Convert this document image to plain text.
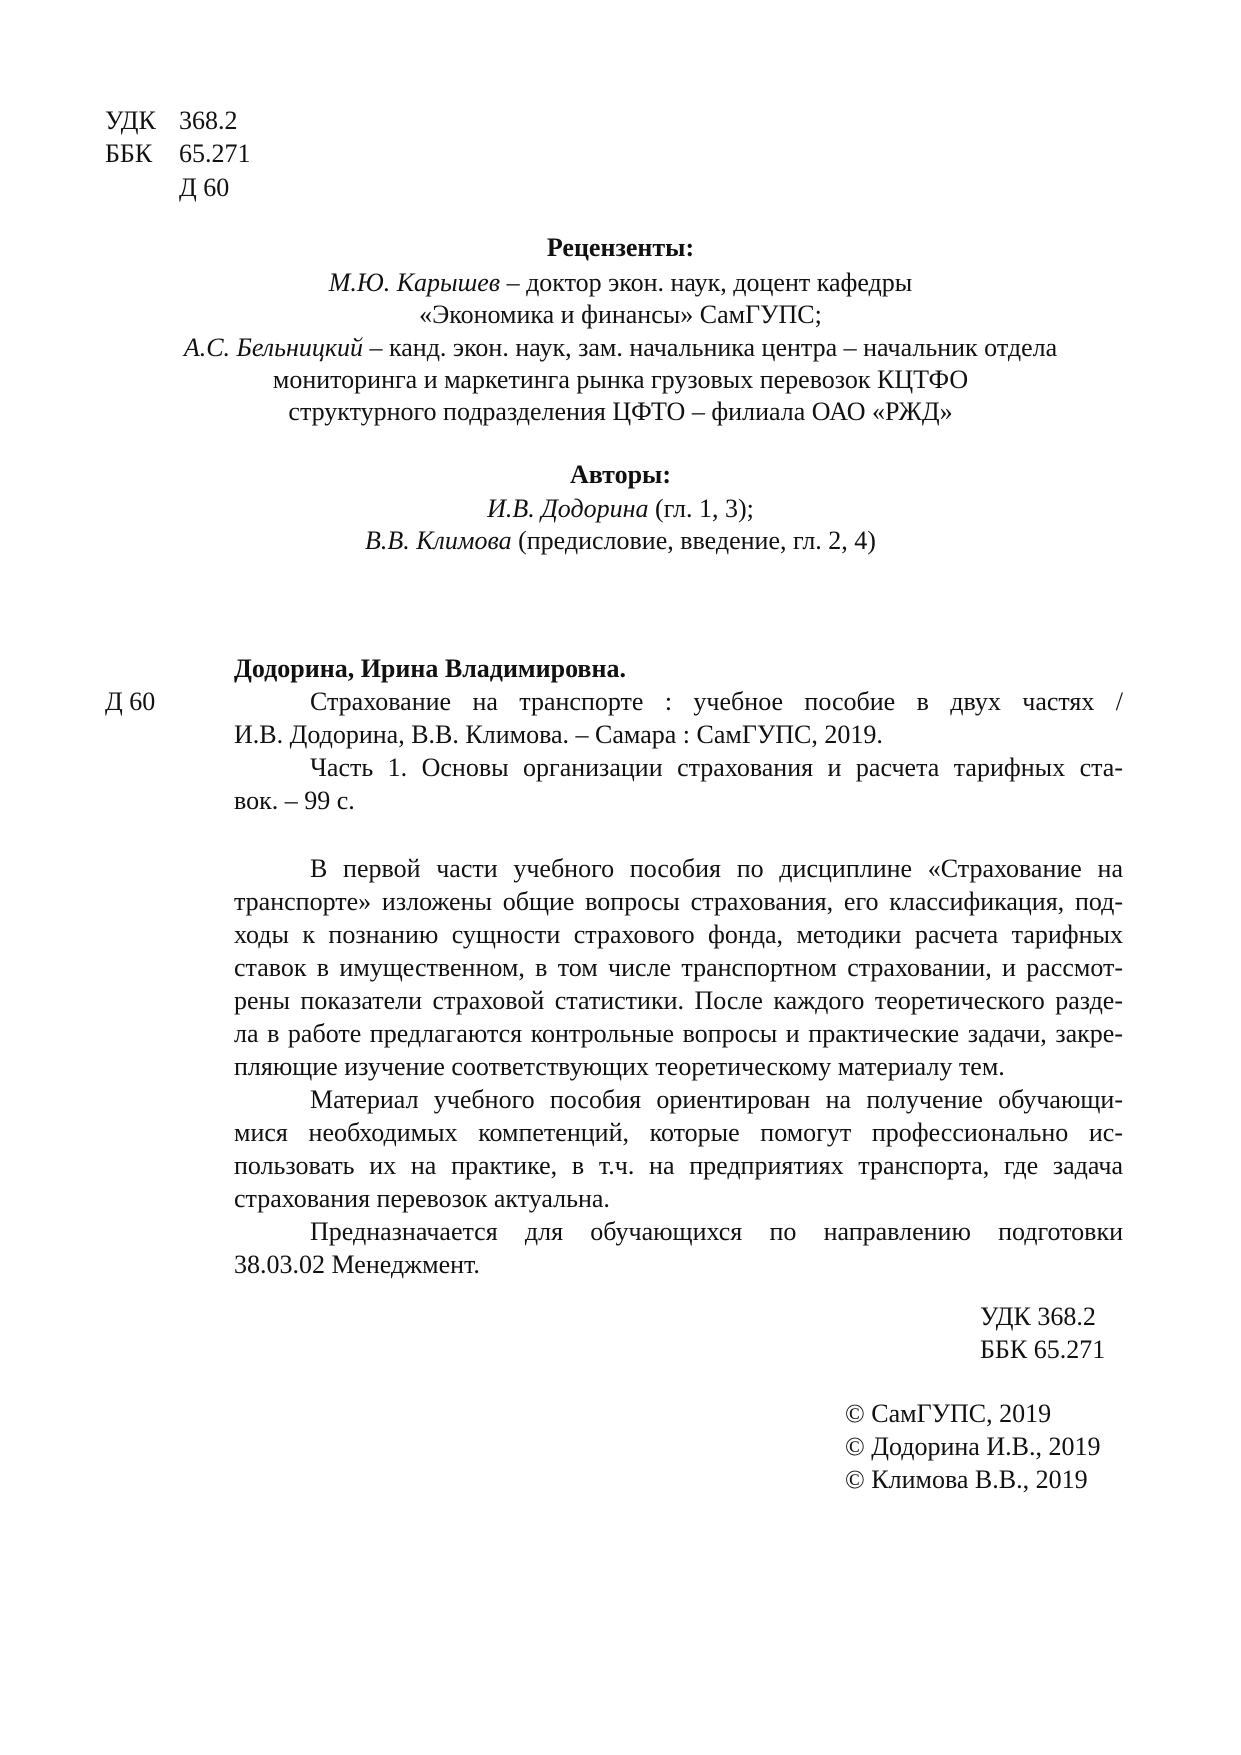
УДК 368.2
ББК 65.271
Д 60
Рецензенты:
М.Ю. Карышев – доктор экон. наук, доцент кафедры
«Экономика и финансы» СамГУПС;
А.С. Бельницкий – канд. экон. наук, зам. начальника центра – начальник отдела
мониторинга и маркетинга рынка грузовых перевозок КЦТФО
структурного подразделения ЦФТО – филиала ОАО «РЖД»
Авторы:
И.В. Додорина (гл. 1, 3);
В.В. Климова (предисловие, введение, гл. 2, 4)
Додорина, Ирина Владимировна.
Д 60	Страхование на транспорте : учебное пособие в двух частях /
И.В. Додорина, В.В. Климова. – Самара : СамГУПС, 2019.
Часть 1. Основы организации страхования и расчета тарифных ста-
вок. – 99 с.
В первой части учебного пособия по дисциплине «Страхование на
транспорте» изложены общие вопросы страхования, его классификация, под-
ходы к познанию сущности страхового фонда, методики расчета тарифных
ставок в имущественном, в том числе транспортном страховании, и рассмот-
рены показатели страховой статистики. После каждого теоретического разде-
ла в работе предлагаются контрольные вопросы и практические задачи, закре-
пляющие изучение соответствующих теоретическому материалу тем.
Материал учебного пособия ориентирован на получение обучающи-
мися необходимых компетенций, которые помогут профессионально ис-
пользовать их на практике, в т.ч. на предприятиях транспорта, где задача
страхования перевозок актуальна.
Предназначается для обучающихся по направлению подготовки
38.03.02 Менеджмент.
УДК 368.2
ББК 65.271
© СамГУПС, 2019
© Додорина И.В., 2019
© Климова В.В., 2019
